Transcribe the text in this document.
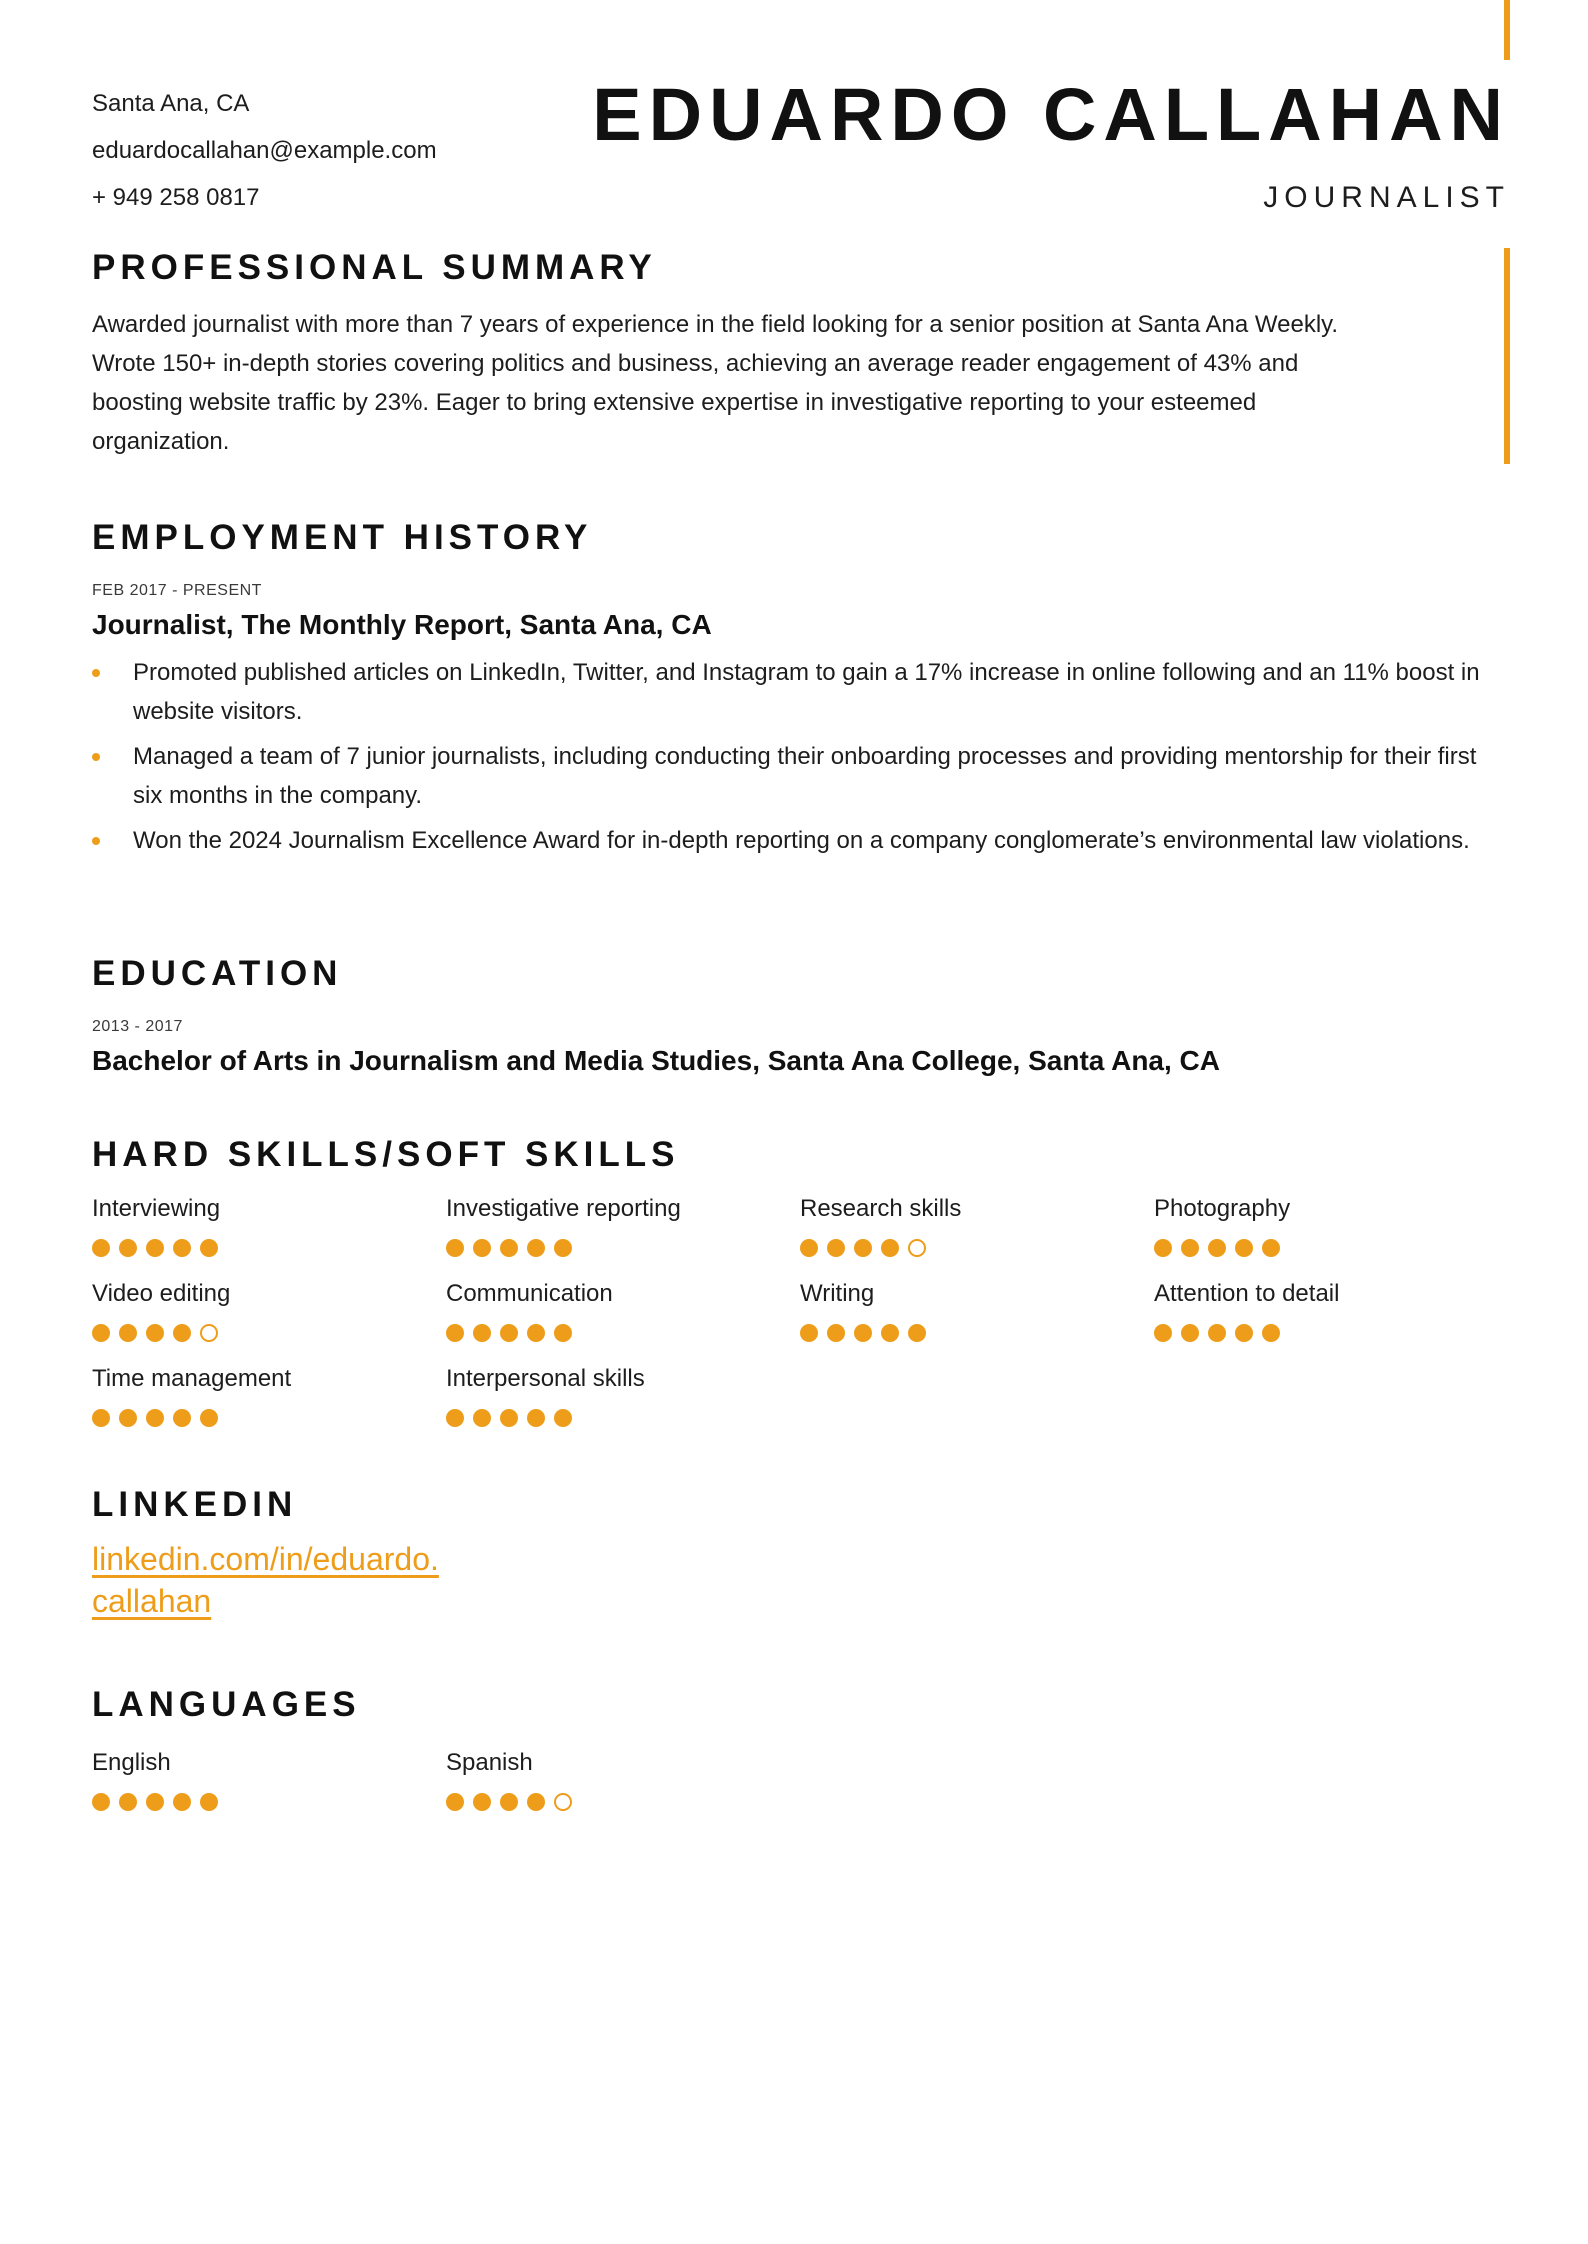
Santa Ana, CA
eduardocallahan@example.com
+ 949 258 0817
EDUARDO CALLAHAN
JOURNALIST
PROFESSIONAL SUMMARY
Awarded journalist with more than 7 years of experience in the field looking for a senior position at Santa Ana Weekly. Wrote 150+ in-depth stories covering politics and business, achieving an average reader engagement of 43% and boosting website traffic by 23%. Eager to bring extensive expertise in investigative reporting to your esteemed organization.
EMPLOYMENT HISTORY
FEB 2017 - PRESENT
Journalist, The Monthly Report, Santa Ana, CA
Promoted published articles on LinkedIn, Twitter, and Instagram to gain a 17% increase in online following and an 11% boost in website visitors.
Managed a team of 7 junior journalists, including conducting their onboarding processes and providing mentorship for their first six months in the company.
Won the 2024 Journalism Excellence Award for in-depth reporting on a company conglomerate’s environmental law violations.
EDUCATION
2013 - 2017
Bachelor of Arts in Journalism and Media Studies, Santa Ana College, Santa Ana, CA
HARD SKILLS/SOFT SKILLS
Interviewing	Investigative reporting	Research skills	Photography
Video editing	Communication	Writing	Attention to detail
Time management	Interpersonal skills
LINKEDIN
linkedin.com/in/eduardo.callahan
LANGUAGES
English	Spanish
